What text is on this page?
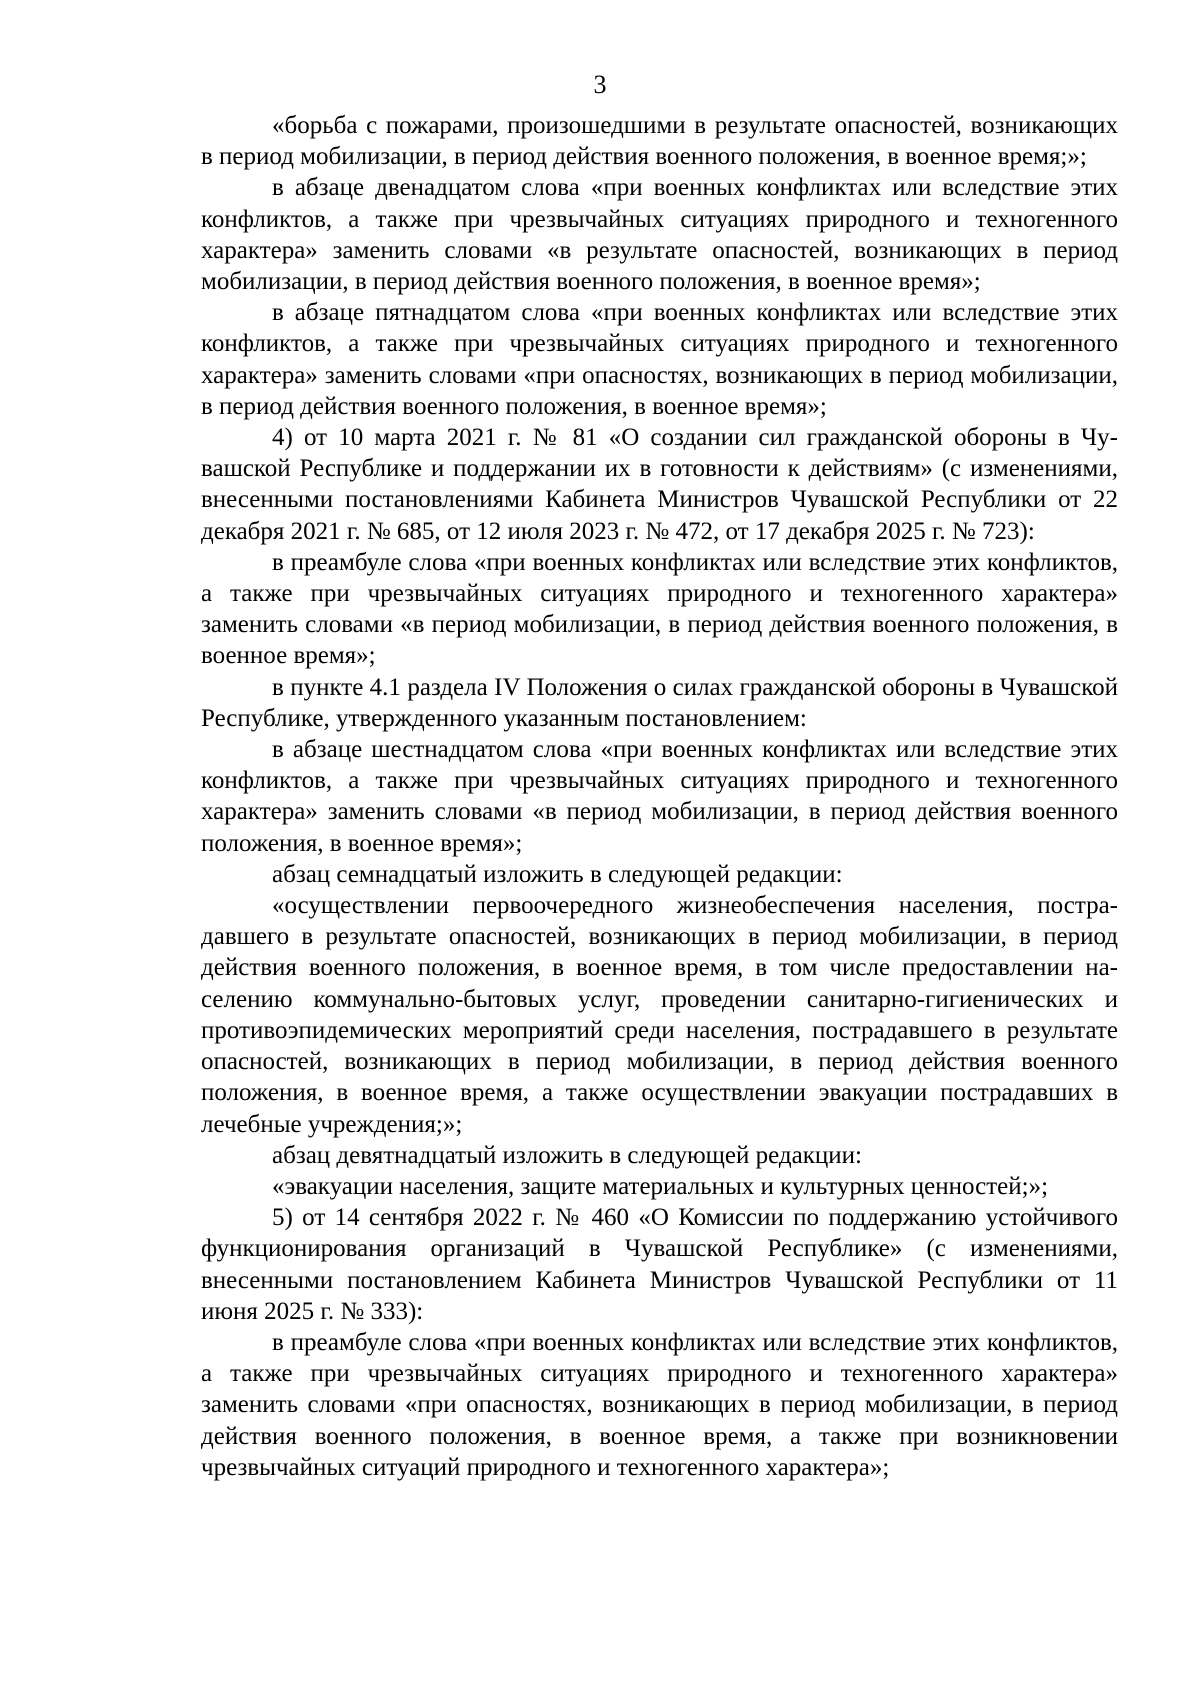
3

«борьба с пожарами, произошедшими в результате опасностей, возникающих в период мобилизации, в период действия военного положения, в военное время;»;

в абзаце двенадцатом слова «при военных конфликтах или вследствие этих конфликтов, а также при чрезвычайных ситуациях природного и техногенного характера» заменить словами «в результате опасностей, возникающих в период мобилизации, в период действия военного положения, в военное время»;

в абзаце пятнадцатом слова «при военных конфликтах или вследствие этих конфликтов, а также при чрезвычайных ситуациях природного и техногенного характера» заменить словами «при опасностях, возникающих в период мобилизации, в период действия военного положения, в военное время»;

4) от 10 марта 2021 г. № 81 «О создании сил гражданской обороны в Чувашской Республике и поддержании их в готовности к действиям» (с изменениями, внесенными постановлениями Кабинета Министров Чувашской Республики от 22 декабря 2021 г. № 685, от 12 июля 2023 г. № 472, от 17 декабря 2025 г. № 723):

в преамбуле слова «при военных конфликтах или вследствие этих конфликтов, а также при чрезвычайных ситуациях природного и техногенного характера» заменить словами «в период мобилизации, в период действия военного положения, в военное время»;

в пункте 4.1 раздела IV Положения о силах гражданской обороны в Чувашской Республике, утвержденного указанным постановлением:

в абзаце шестнадцатом слова «при военных конфликтах или вследствие этих конфликтов, а также при чрезвычайных ситуациях природного и техногенного характера» заменить словами «в период мобилизации, в период действия военного положения, в военное время»;

абзац семнадцатый изложить в следующей редакции:

«осуществлении первоочередного жизнеобеспечения населения, пострадавшего в результате опасностей, возникающих в период мобилизации, в период действия военного положения, в военное время, в том числе предоставлении населению коммунально-бытовых услуг, проведении санитарно-гигиенических и противоэпидемических мероприятий среди населения, пострадавшего в результате опасностей, возникающих в период мобилизации, в период действия военного положения, в военное время, а также осуществлении эвакуации пострадавших в лечебные учреждения;»;

абзац девятнадцатый изложить в следующей редакции:

«эвакуации населения, защите материальных и культурных ценностей;»;

5) от 14 сентября 2022 г. № 460 «О Комиссии по поддержанию устойчивого функционирования организаций в Чувашской Республике» (с изменениями, внесенными постановлением Кабинета Министров Чувашской Республики от 11 июня 2025 г. № 333):

в преамбуле слова «при военных конфликтах или вследствие этих конфликтов, а также при чрезвычайных ситуациях природного и техногенного характера» заменить словами «при опасностях, возникающих в период мобилизации, в период действия военного положения, в военное время, а также при возникновении чрезвычайных ситуаций природного и техногенного характера»;
